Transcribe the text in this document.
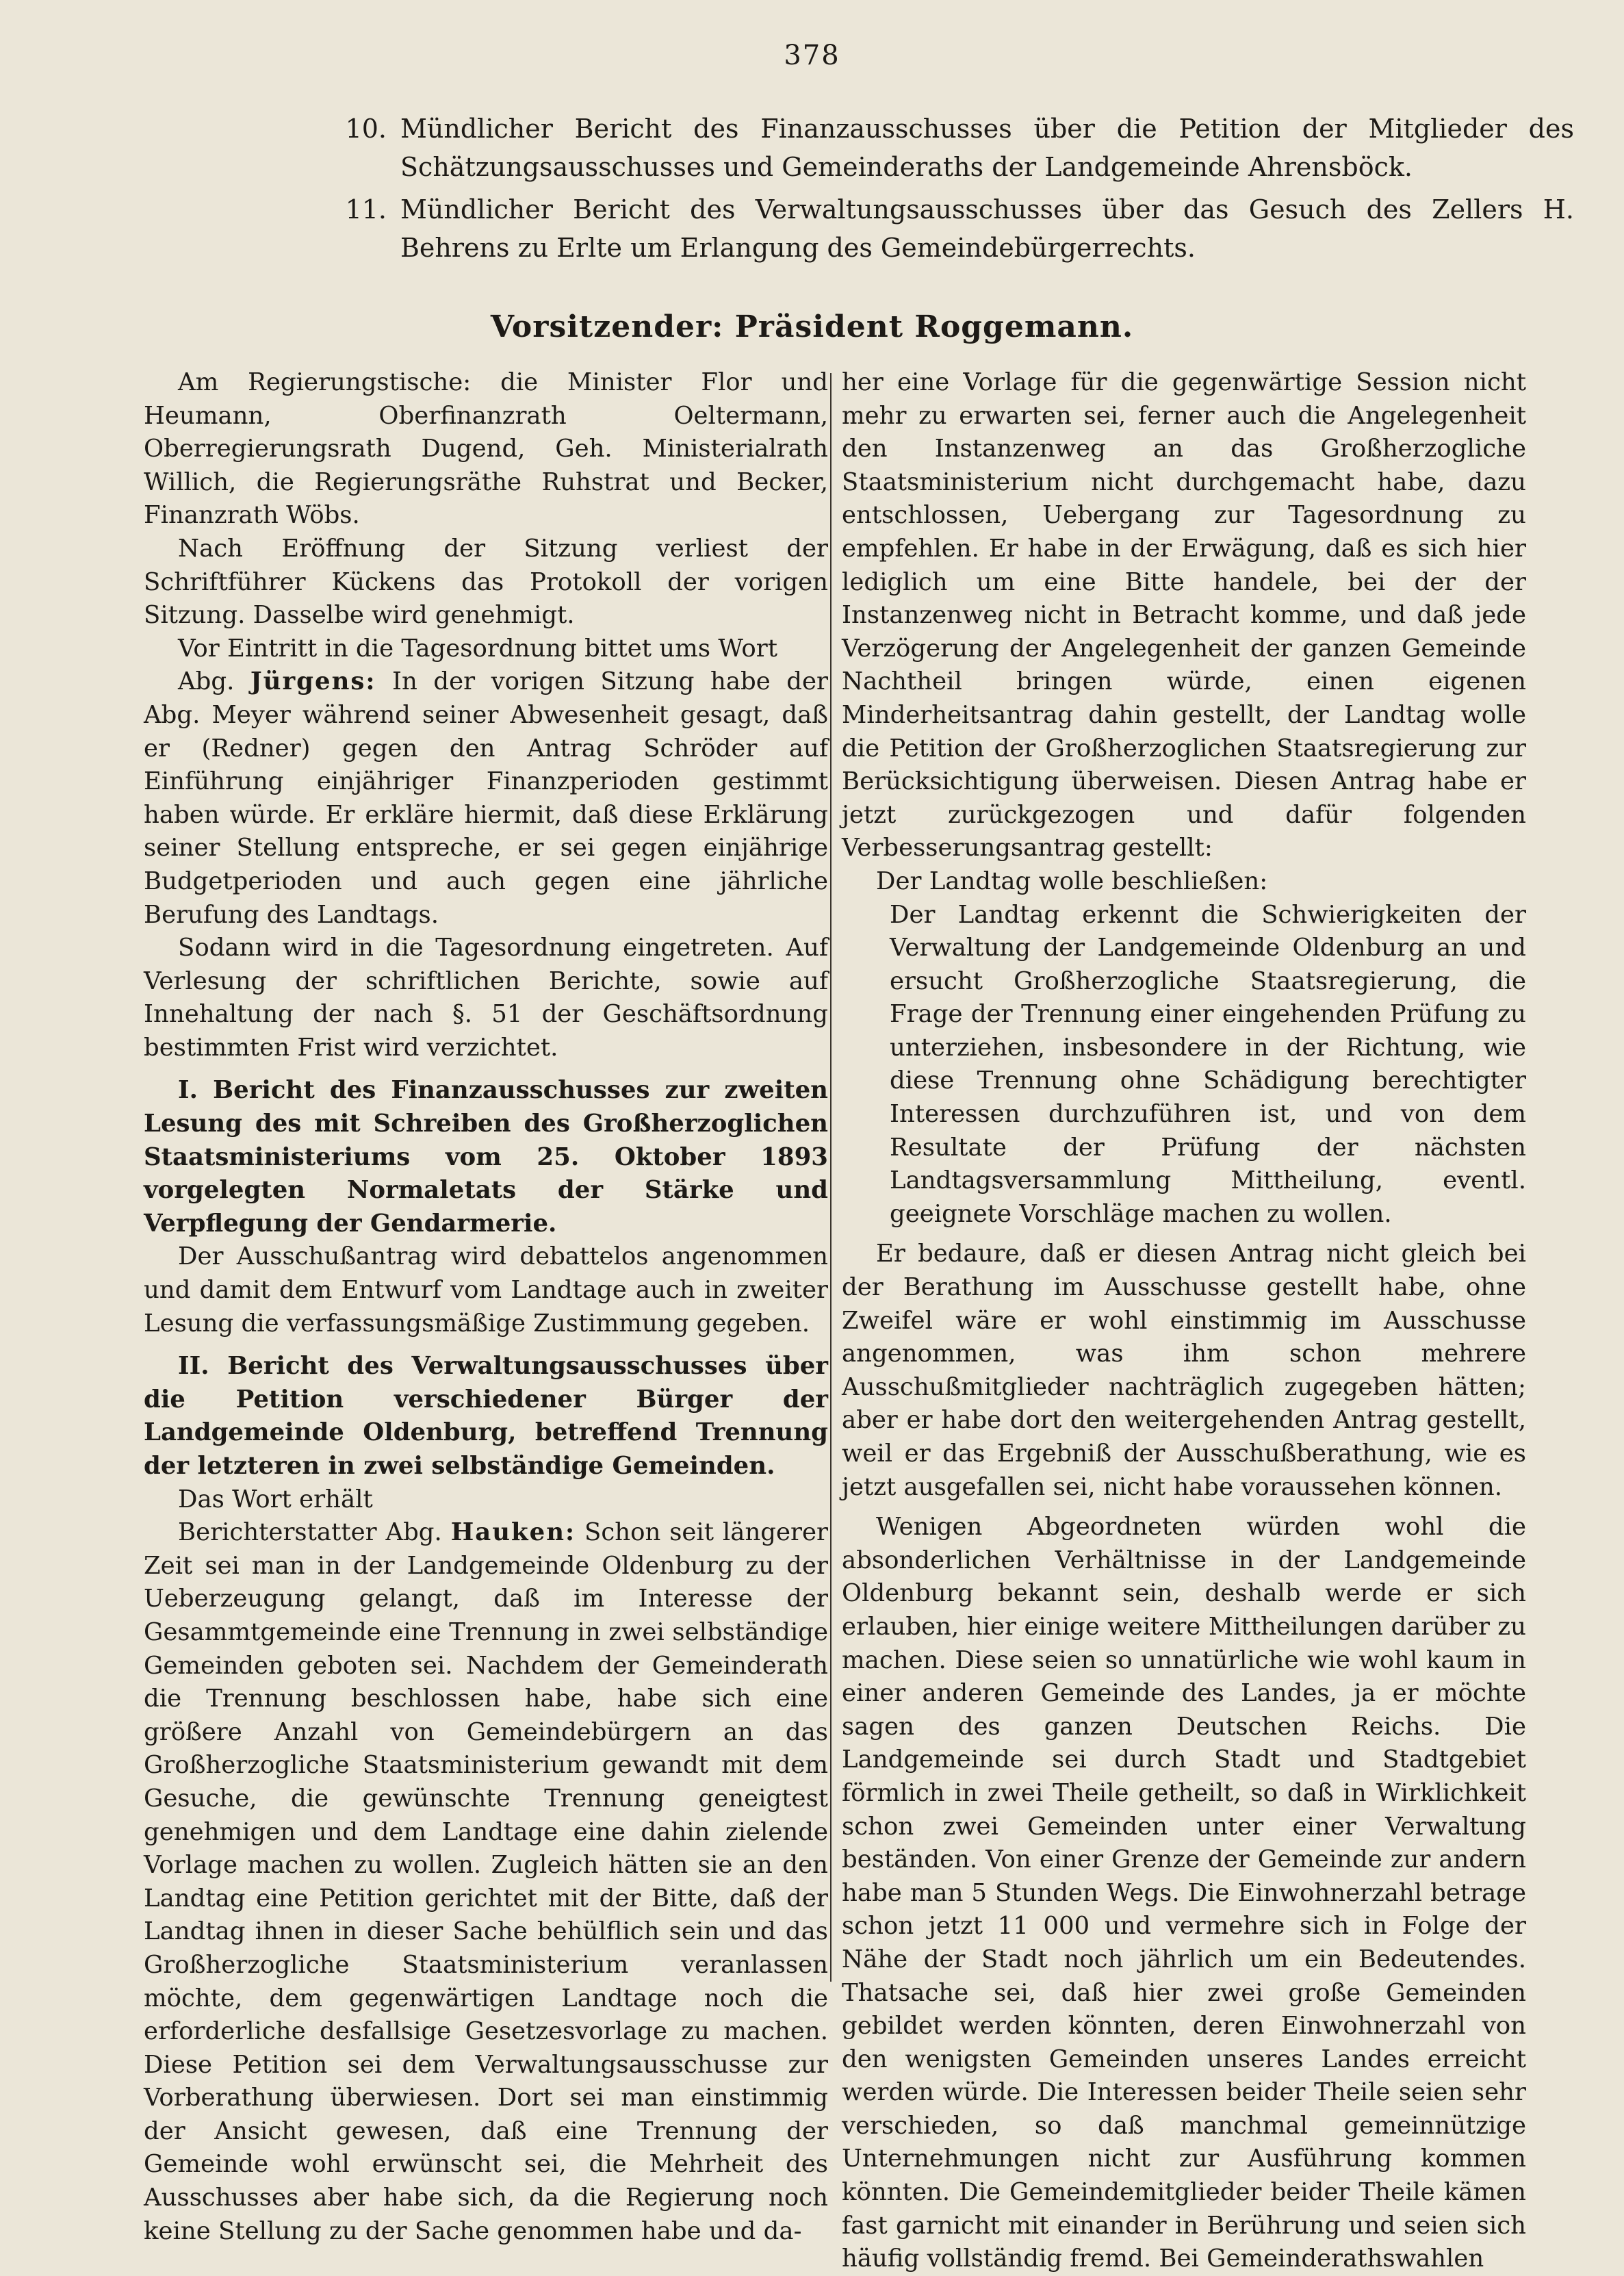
378
10. Mündlicher Bericht des Finanzausschusses über die Petition der Mitglieder des Schätzungsausschusses und Gemeinderaths der Landgemeinde Ahrensböck.
11. Mündlicher Bericht des Verwaltungsausschusses über das Gesuch des Zellers H. Behrens zu Erlte um Erlangung des Gemeindebürgerrechts.
Vorsitzender: Präsident Roggemann.

Am Regierungstische: die Minister Flor und Heumann, Oberfinanzrath Oeltermann, Oberregierungsrath Dugend, Geh. Ministerialrath Willich, die Regierungsräthe Ruhstrat und Becker, Finanzrath Wöbs.

Nach Eröffnung der Sitzung verliest der Schriftführer Kückens das Protokoll der vorigen Sitzung. Dasselbe wird genehmigt.

Vor Eintritt in die Tagesordnung bittet ums Wort

Abg. Jürgens: In der vorigen Sitzung habe der Abg. Meyer während seiner Abwesenheit gesagt, daß er (Redner) gegen den Antrag Schröder auf Einführung einjähriger Finanzperioden gestimmt haben würde. Er erkläre hiermit, daß diese Erklärung seiner Stellung entspreche, er sei gegen einjährige Budgetperioden und auch gegen eine jährliche Berufung des Landtags.

Sodann wird in die Tagesordnung eingetreten. Auf Verlesung der schriftlichen Berichte, sowie auf Innehaltung der nach §. 51 der Geschäftsordnung bestimmten Frist wird verzichtet.

I. Bericht des Finanzausschusses zur zweiten Lesung des mit Schreiben des Großherzoglichen Staatsministeriums vom 25. Oktober 1893 vorgelegten Normaletats der Stärke und Verpflegung der Gendarmerie.

Der Ausschußantrag wird debattelos angenommen und damit dem Entwurf vom Landtage auch in zweiter Lesung die verfassungsmäßige Zustimmung gegeben.

II. Bericht des Verwaltungsausschusses über die Petition verschiedener Bürger der Landgemeinde Oldenburg, betreffend Trennung der letzteren in zwei selbständige Gemeinden.

Das Wort erhält

Berichterstatter Abg. Hauken: Schon seit längerer Zeit sei man in der Landgemeinde Oldenburg zu der Ueberzeugung gelangt, daß im Interesse der Gesammtgemeinde eine Trennung in zwei selbständige Gemeinden geboten sei. Nachdem der Gemeinderath die Trennung beschlossen habe, habe sich eine größere Anzahl von Gemeindebürgern an das Großherzogliche Staatsministerium gewandt mit dem Gesuche, die gewünschte Trennung geneigtest genehmigen und dem Landtage eine dahin zielende Vorlage machen zu wollen. Zugleich hätten sie an den Landtag eine Petition gerichtet mit der Bitte, daß der Landtag ihnen in dieser Sache behülflich sein und das Großherzogliche Staatsministerium veranlassen möchte, dem gegenwärtigen Landtage noch die erforderliche desfallsige Gesetzesvorlage zu machen. Diese Petition sei dem Verwaltungsausschusse zur Vorberathung überwiesen. Dort sei man einstimmig der Ansicht gewesen, daß eine Trennung der Gemeinde wohl erwünscht sei, die Mehrheit des Ausschusses aber habe sich, da die Regierung noch keine Stellung zu der Sache genommen habe und da-

her eine Vorlage für die gegenwärtige Session nicht mehr zu erwarten sei, ferner auch die Angelegenheit den Instanzenweg an das Großherzogliche Staatsministerium nicht durchgemacht habe, dazu entschlossen, Uebergang zur Tagesordnung zu empfehlen. Er habe in der Erwägung, daß es sich hier lediglich um eine Bitte handele, bei der der Instanzenweg nicht in Betracht komme, und daß jede Verzögerung der Angelegenheit der ganzen Gemeinde Nachtheil bringen würde, einen eigenen Minderheitsantrag dahin gestellt, der Landtag wolle die Petition der Großherzoglichen Staatsregierung zur Berücksichtigung überweisen. Diesen Antrag habe er jetzt zurückgezogen und dafür folgenden Verbesserungsantrag gestellt:

Der Landtag wolle beschließen:

Der Landtag erkennt die Schwierigkeiten der Verwaltung der Landgemeinde Oldenburg an und ersucht Großherzogliche Staatsregierung, die Frage der Trennung einer eingehenden Prüfung zu unterziehen, insbesondere in der Richtung, wie diese Trennung ohne Schädigung berechtigter Interessen durchzuführen ist, und von dem Resultate der Prüfung der nächsten Landtagsversammlung Mittheilung, eventl. geeignete Vorschläge machen zu wollen.

Er bedaure, daß er diesen Antrag nicht gleich bei der Berathung im Ausschusse gestellt habe, ohne Zweifel wäre er wohl einstimmig im Ausschusse angenommen, was ihm schon mehrere Ausschußmitglieder nachträglich zugegeben hätten; aber er habe dort den weitergehenden Antrag gestellt, weil er das Ergebniß der Ausschußberathung, wie es jetzt ausgefallen sei, nicht habe voraussehen können.

Wenigen Abgeordneten würden wohl die absonderlichen Verhältnisse in der Landgemeinde Oldenburg bekannt sein, deshalb werde er sich erlauben, hier einige weitere Mittheilungen darüber zu machen. Diese seien so unnatürliche wie wohl kaum in einer anderen Gemeinde des Landes, ja er möchte sagen des ganzen Deutschen Reichs. Die Landgemeinde sei durch Stadt und Stadtgebiet förmlich in zwei Theile getheilt, so daß in Wirklichkeit schon zwei Gemeinden unter einer Verwaltung beständen. Von einer Grenze der Gemeinde zur andern habe man 5 Stunden Wegs. Die Einwohnerzahl betrage schon jetzt 11 000 und vermehre sich in Folge der Nähe der Stadt noch jährlich um ein Bedeutendes. Thatsache sei, daß hier zwei große Gemeinden gebildet werden könnten, deren Einwohnerzahl von den wenigsten Gemeinden unseres Landes erreicht werden würde. Die Interessen beider Theile seien sehr verschieden, so daß manchmal gemeinnützige Unternehmungen nicht zur Ausführung kommen könnten. Die Gemeindemitglieder beider Theile kämen fast garnicht mit einander in Berührung und seien sich häufig vollständig fremd. Bei Gemeinderathswahlen
